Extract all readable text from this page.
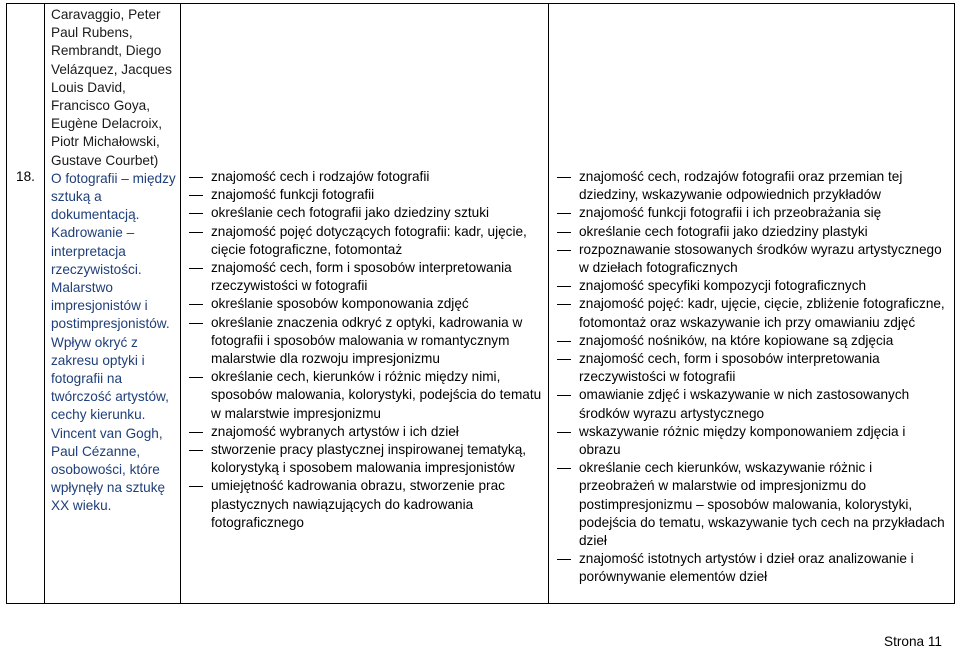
18.	
Caravaggio, Peter
Paul Rubens,
Rembrandt, Diego
Velázquez, Jacques
Louis David,
Francisco Goya,
Eugène Delacroix,
Piotr Michałowski,
Gustave Courbet)
O fotografii – między
sztuką a
dokumentacją.
Kadrowanie –
interpretacja
rzeczywistości.
Malarstwo
impresjonistów i
postimpresjonistów.
Wpływ okryć z
zakresu optyki i
fotografii na
twórczość artystów,
cechy kierunku.
Vincent van Gogh,
Paul Cézanne,
osobowości, które
wpłynęły na sztukę
XX wieku.

znajomość cech i rodzajów fotografii
znajomość funkcji fotografii
określanie cech fotografii jako dziedziny sztuki
znajomość pojęć dotyczących fotografii: kadr, ujęcie, cięcie fotograficzne, fotomontaż
znajomość cech, form i sposobów interpretowania rzeczywistości w fotografii
określanie sposobów komponowania zdjęć
określanie znaczenia odkryć z optyki, kadrowania w fotografii i sposobów malowania w romantycznym malarstwie dla rozwoju impresjonizmu
określanie cech, kierunków i różnic między nimi, sposobów malowania, kolorystyki, podejścia do tematu w malarstwie impresjonizmu
znajomość wybranych artystów i ich dzieł
stworzenie pracy plastycznej inspirowanej tematyką, kolorystyką i sposobem malowania impresjonistów
umiejętność kadrowania obrazu, stworzenie prac plastycznych nawiązujących do kadrowania fotograficznego

znajomość cech, rodzajów fotografii oraz przemian tej dziedziny, wskazywanie odpowiednich przykładów
znajomość funkcji fotografii i ich przeobrażania się
określanie cech fotografii jako dziedziny plastyki
rozpoznawanie stosowanych środków wyrazu artystycznego w dziełach fotograficznych
znajomość specyfiki kompozycji fotograficznych
znajomość pojęć: kadr, ujęcie, cięcie, zbliżenie fotograficzne, fotomontaż oraz wskazywanie ich przy omawianiu zdjęć
znajomość nośników, na które kopiowane są zdjęcia
znajomość cech, form i sposobów interpretowania rzeczywistości w fotografii
omawianie zdjęć i wskazywanie w nich zastosowanych środków wyrazu artystycznego
wskazywanie różnic między komponowaniem zdjęcia i obrazu
określanie cech kierunków, wskazywanie różnic i przeobrażeń w malarstwie od impresjonizmu do postimpresjonizmu – sposobów malowania, kolorystyki, podejścia do tematu, wskazywanie tych cech na przykładach dzieł
znajomość istotnych artystów i dzieł oraz analizowanie i porównywanie elementów dzieł
Strona 11
